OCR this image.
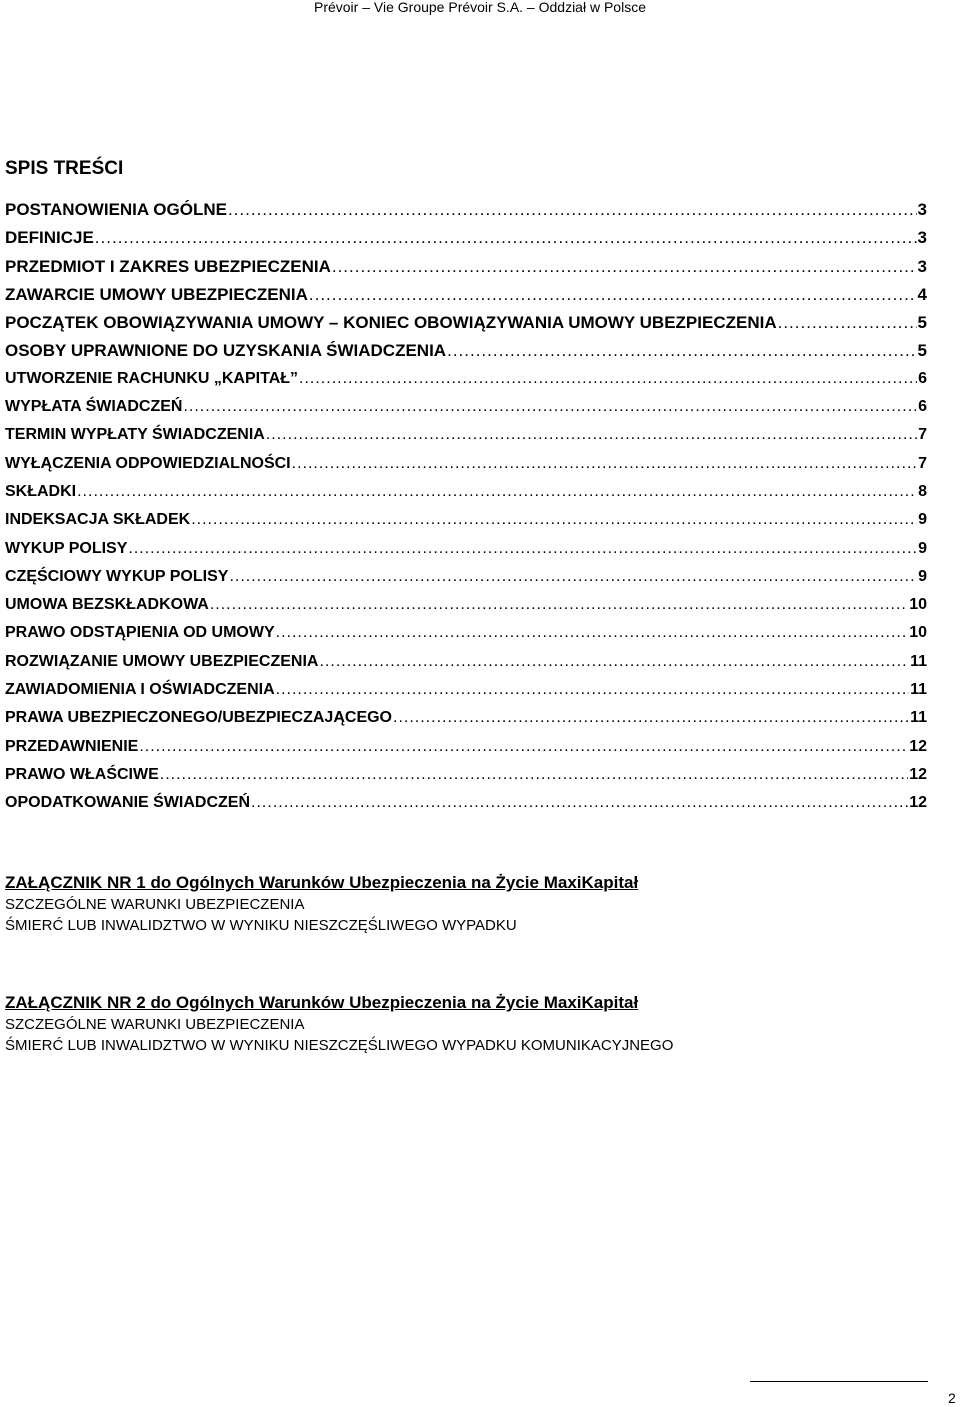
Prévoir – Vie Groupe Prévoir S.A. – Oddział w Polsce
SPIS TREŚCI
POSTANOWIENIA OGÓLNE .....	3
DEFINICJE .....	3
PRZEDMIOT I ZAKRES UBEZPIECZENIA .....	3
ZAWARCIE UMOWY UBEZPIECZENIA .....	4
POCZĄTEK OBOWIĄZYWANIA UMOWY – KONIEC OBOWIĄZYWANIA UMOWY UBEZPIECZENIA .....	5
OSOBY UPRAWNIONE DO UZYSKANIA ŚWIADCZENIA .....	5
UTWORZENIE RACHUNKU „KAPITAŁ” .....	6
WYPŁATA ŚWIADCZEŃ .....	6
TERMIN WYPŁATY ŚWIADCZENIA .....	7
WYŁĄCZENIA ODPOWIEDZIALNOŚCI .....	7
SKŁADKI .....	8
INDEKSACJA SKŁADEK .....	9
WYKUP POLISY .....	9
CZĘŚCIOWY WYKUP POLISY .....	9
UMOWA BEZSKŁADKOWA .....	10
PRAWO ODSTĄPIENIA OD UMOWY .....	10
ROZWIĄZANIE UMOWY UBEZPIECZENIA .....	11
ZAWIADOMIENIA I OŚWIADCZENIA .....	11
PRAWA UBEZPIECZONEGO/UBEZPIECZAJĄCEGO .....	11
PRZEDAWNIENIE .....	12
PRAWO WŁAŚCIWE .....	12
OPODATKOWANIE ŚWIADCZEŃ .....	12

ZAŁĄCZNIK NR 1 do Ogólnych Warunków Ubezpieczenia na Życie MaxiKapitał

SZCZEGÓLNE WARUNKI UBEZPIECZENIA

ŚMIERĆ LUB INWALIDZTWO W WYNIKU NIESZCZĘŚLIWEGO WYPADKU

ZAŁĄCZNIK NR 2 do Ogólnych Warunków Ubezpieczenia na Życie MaxiKapitał

SZCZEGÓLNE WARUNKI UBEZPIECZENIA

ŚMIERĆ LUB INWALIDZTWO W WYNIKU NIESZCZĘŚLIWEGO WYPADKU KOMUNIKACYJNEGO

2
